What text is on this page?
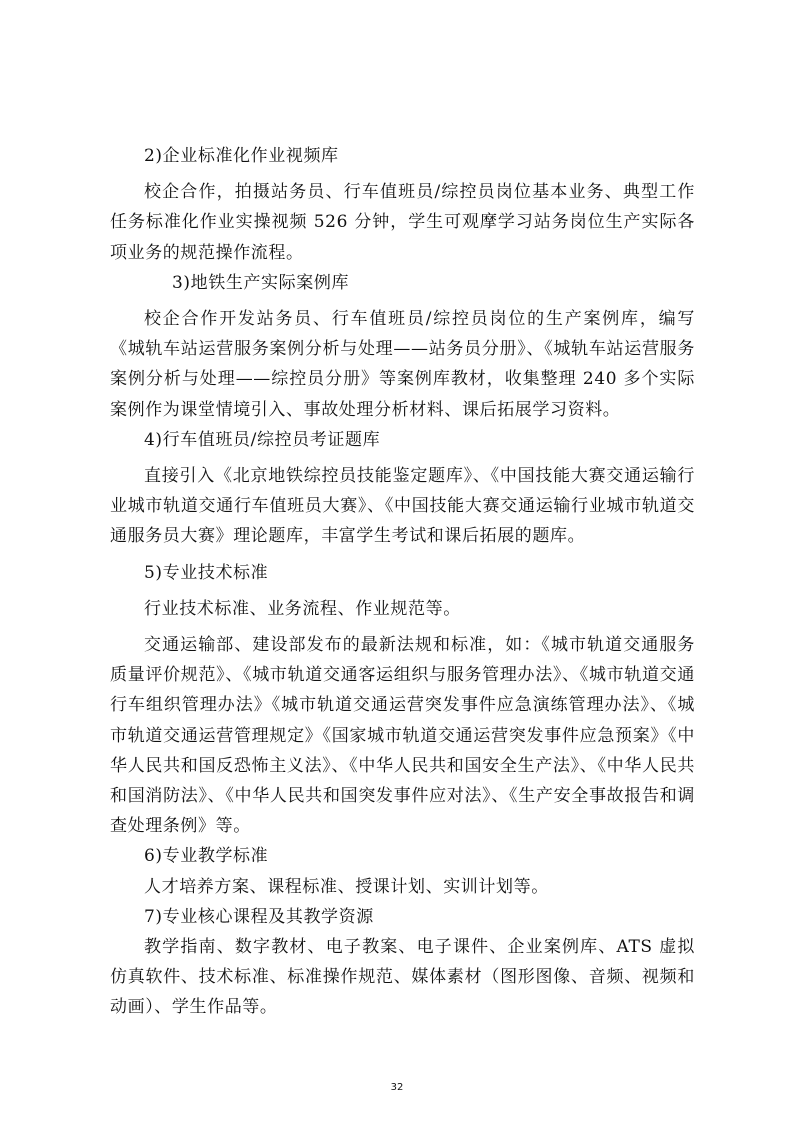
2)企业标准化作业视频库

校企合作，拍摄站务员、行车值班员/综控员岗位基本业务、典型工作任务标准化作业实操视频 526 分钟，学生可观摩学习站务岗位生产实际各项业务的规范操作流程。

3)地铁生产实际案例库

校企合作开发站务员、行车值班员/综控员岗位的生产案例库，编写《城轨车站运营服务案例分析与处理——站务员分册》、《城轨车站运营服务案例分析与处理——综控员分册》等案例库教材，收集整理 240 多个实际案例作为课堂情境引入、事故处理分析材料、课后拓展学习资料。

4)行车值班员/综控员考证题库

直接引入《北京地铁综控员技能鉴定题库》、《中国技能大赛交通运输行业城市轨道交通行车值班员大赛》、《中国技能大赛交通运输行业城市轨道交通服务员大赛》理论题库，丰富学生考试和课后拓展的题库。

5)专业技术标准

行业技术标准、业务流程、作业规范等。

交通运输部、建设部发布的最新法规和标准，如：《城市轨道交通服务质量评价规范》、《城市轨道交通客运组织与服务管理办法》、《城市轨道交通行车组织管理办法》《城市轨道交通运营突发事件应急演练管理办法》、《城市轨道交通运营管理规定》《国家城市轨道交通运营突发事件应急预案》《中华人民共和国反恐怖主义法》、《中华人民共和国安全生产法》、《中华人民共和国消防法》、《中华人民共和国突发事件应对法》、《生产安全事故报告和调查处理条例》等。

6)专业教学标准

人才培养方案、课程标准、授课计划、实训计划等。

7)专业核心课程及其教学资源

教学指南、数字教材、电子教案、电子课件、企业案例库、ATS 虚拟仿真软件、技术标准、标准操作规范、媒体素材（图形图像、音频、视频和动画）、学生作品等。

32
